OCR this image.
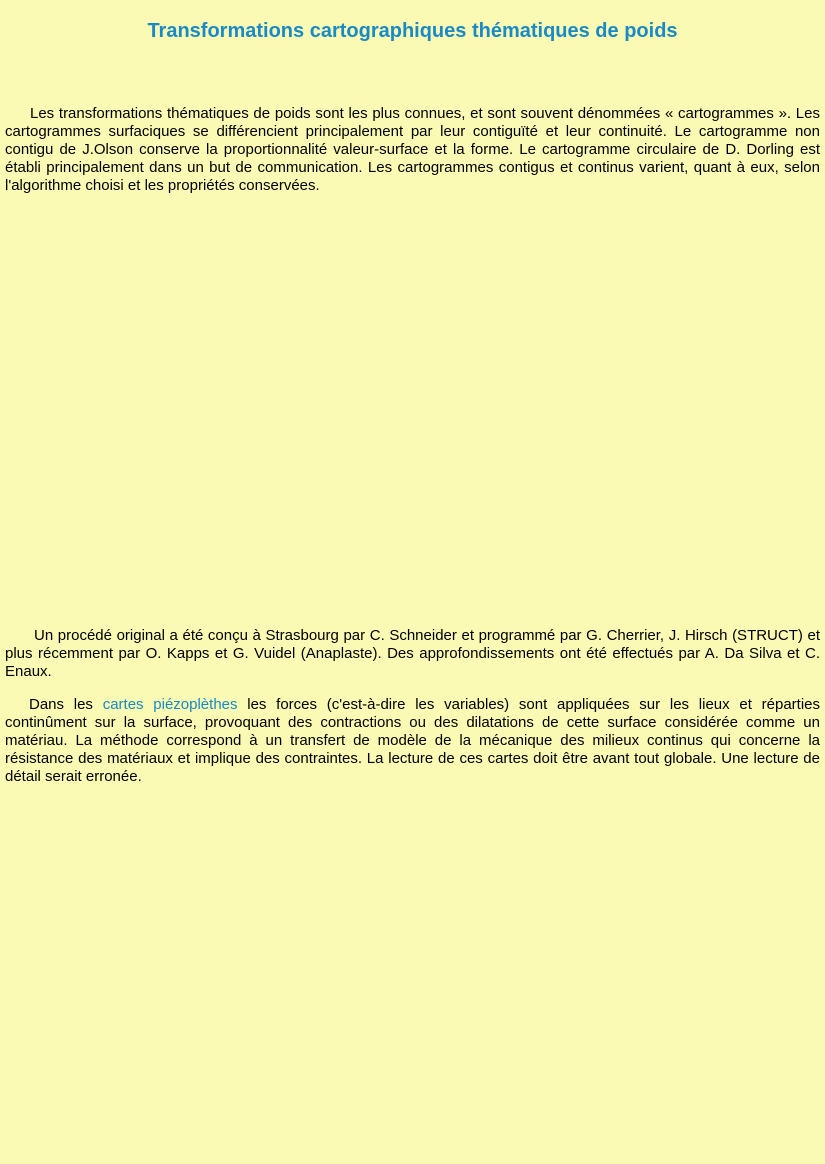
Transformations cartographiques thématiques de poids

Les transformations thématiques de poids sont les plus connues, et sont souvent dénommées « cartogrammes ». Les cartogrammes surfaciques se différencient principalement par leur contiguïté et leur continuité. Le cartogramme non contigu de J.Olson conserve la proportionnalité valeur-surface et la forme. Le cartogramme circulaire de D. Dorling est établi principalement dans un but de communication. Les cartogrammes contigus et continus varient, quant à eux, selon l'algorithme choisi et les propriétés conservées.

Un procédé original a été conçu à Strasbourg par C. Schneider et programmé par G. Cherrier, J. Hirsch (STRUCT) et plus récemment par O. Kapps et G. Vuidel (Anaplaste). Des approfondissements ont été effectués par A. Da Silva et C. Enaux.

Dans les cartes piézoplèthes les forces (c'est-à-dire les variables) sont appliquées sur les lieux et réparties continûment sur la surface, provoquant des contractions ou des dilatations de cette surface considérée comme un matériau. La méthode correspond à un transfert de modèle de la mécanique des milieux continus qui concerne la résistance des matériaux et implique des contraintes. La lecture de ces cartes doit être avant tout globale. Une lecture de détail serait erronée.
